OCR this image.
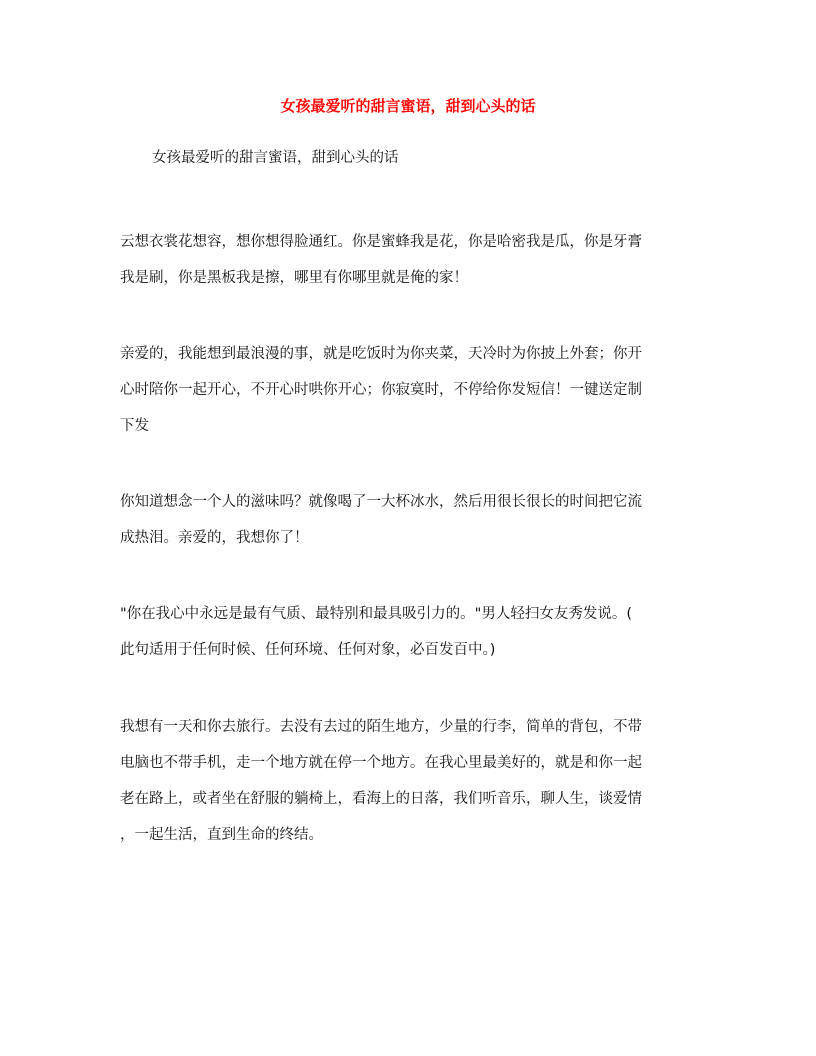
女孩最爱听的甜言蜜语，甜到心头的话
女孩最爱听的甜言蜜语，甜到心头的话
云想衣裳花想容，想你想得脸通红。你是蜜蜂我是花，你是哈密我是瓜，你是牙膏
我是刷，你是黑板我是擦，哪里有你哪里就是俺的家！
亲爱的，我能想到最浪漫的事，就是吃饭时为你夹菜，天冷时为你披上外套；你开
心时陪你一起开心，不开心时哄你开心；你寂寞时，不停给你发短信！一键送定制
下发
你知道想念一个人的滋味吗？就像喝了一大杯冰水，然后用很长很长的时间把它流
成热泪。亲爱的，我想你了！
"你在我心中永远是最有气质、最特别和最具吸引力的。"男人轻扫女友秀发说。(
此句适用于任何时候、任何环境、任何对象，必百发百中。)
我想有一天和你去旅行。去没有去过的陌生地方，少量的行李，简单的背包，不带
电脑也不带手机，走一个地方就在停一个地方。在我心里最美好的，就是和你一起
老在路上，或者坐在舒服的躺椅上，看海上的日落，我们听音乐，聊人生，谈爱情
，一起生活，直到生命的终结。
